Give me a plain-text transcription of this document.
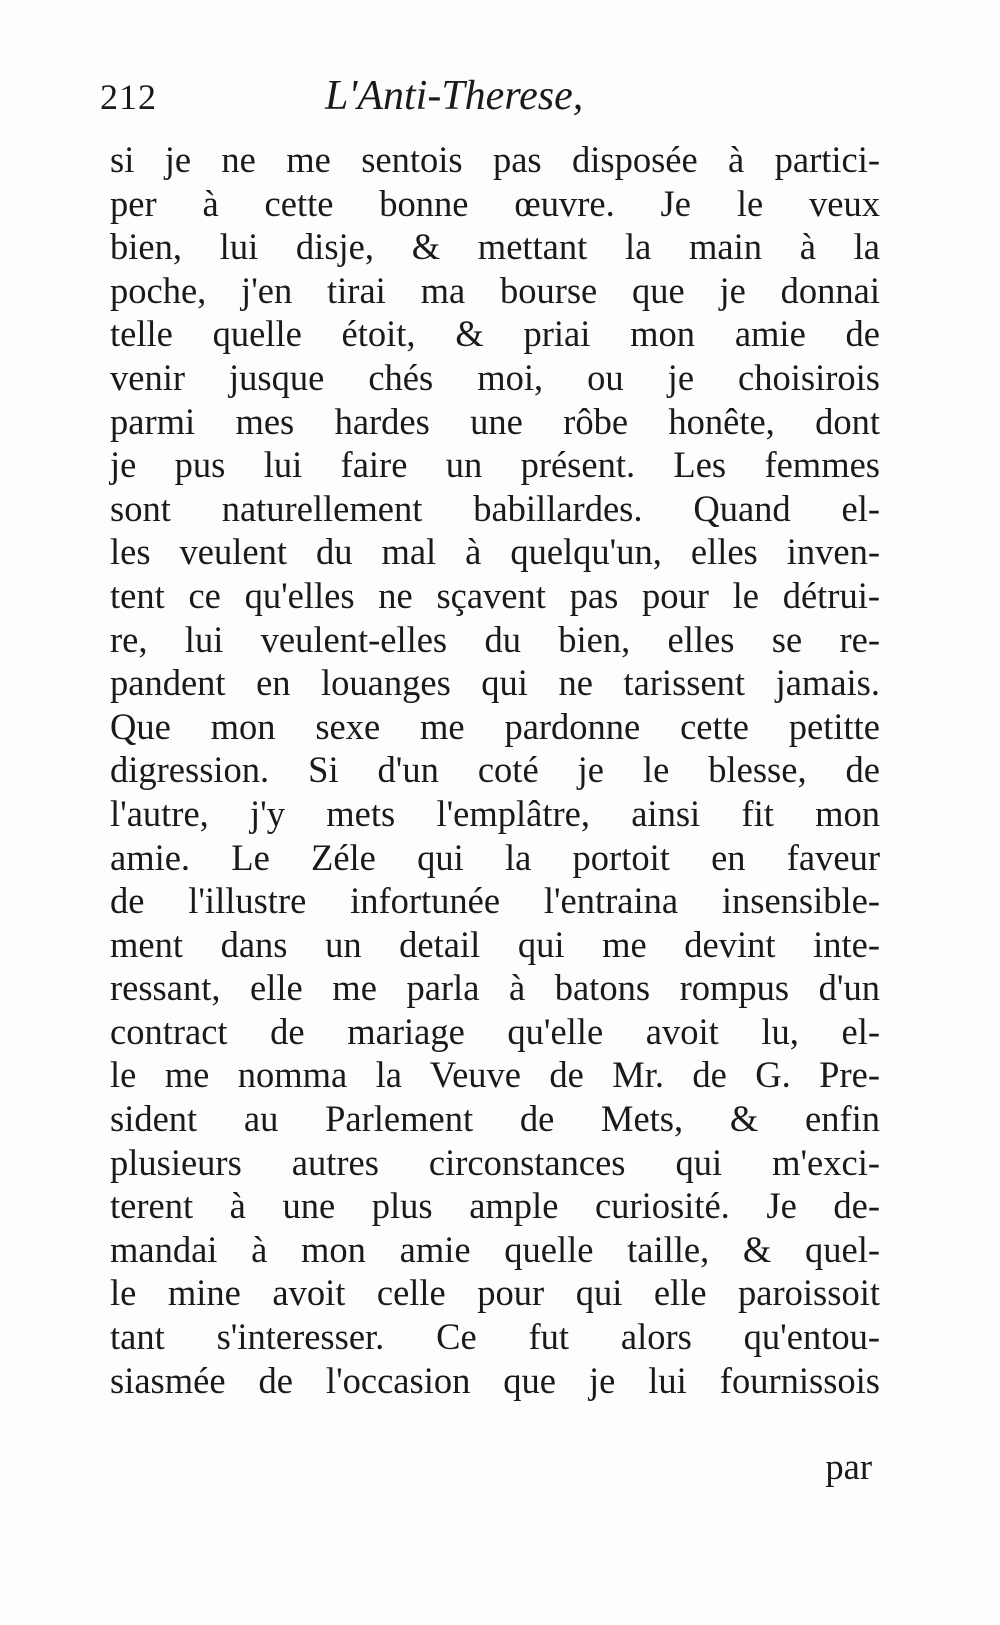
212	L'Anti-Therese,
si je ne me sentois pas disposée à partici-
per à cette bonne œuvre. Je le veux
bien, lui disje, & mettant la main à la
poche, j'en tirai ma bourse que je donnai
telle quelle étoit, & priai mon amie de
venir jusque chés moi, ou je choisirois
parmi mes hardes une rôbe honête, dont
je pus lui faire un présent. Les femmes
sont naturellement babillardes. Quand el-
les veulent du mal à quelqu'un, elles inven-
tent ce qu'elles ne sçavent pas pour le détrui-
re, lui veulent-elles du bien, elles se re-
pandent en louanges qui ne tarissent jamais.
Que mon sexe me pardonne cette petitte
digression. Si d'un coté je le blesse, de
l'autre, j'y mets l'emplâtre, ainsi fit mon
amie. Le Zéle qui la portoit en faveur
de l'illustre infortunée l'entraina insensible-
ment dans un detail qui me devint inte-
ressant, elle me parla à batons rompus d'un
contract de mariage qu'elle avoit lu, el-
le me nomma la Veuve de Mr. de G. Pre-
sident au Parlement de Mets, & enfin
plusieurs autres circonstances qui m'exci-
terent à une plus ample curiosité. Je de-
mandai à mon amie quelle taille, & quel-
le mine avoit celle pour qui elle paroissoit
tant s'interesser. Ce fut alors qu'entou-
siasmée de l'occasion que je lui fournissois
par
